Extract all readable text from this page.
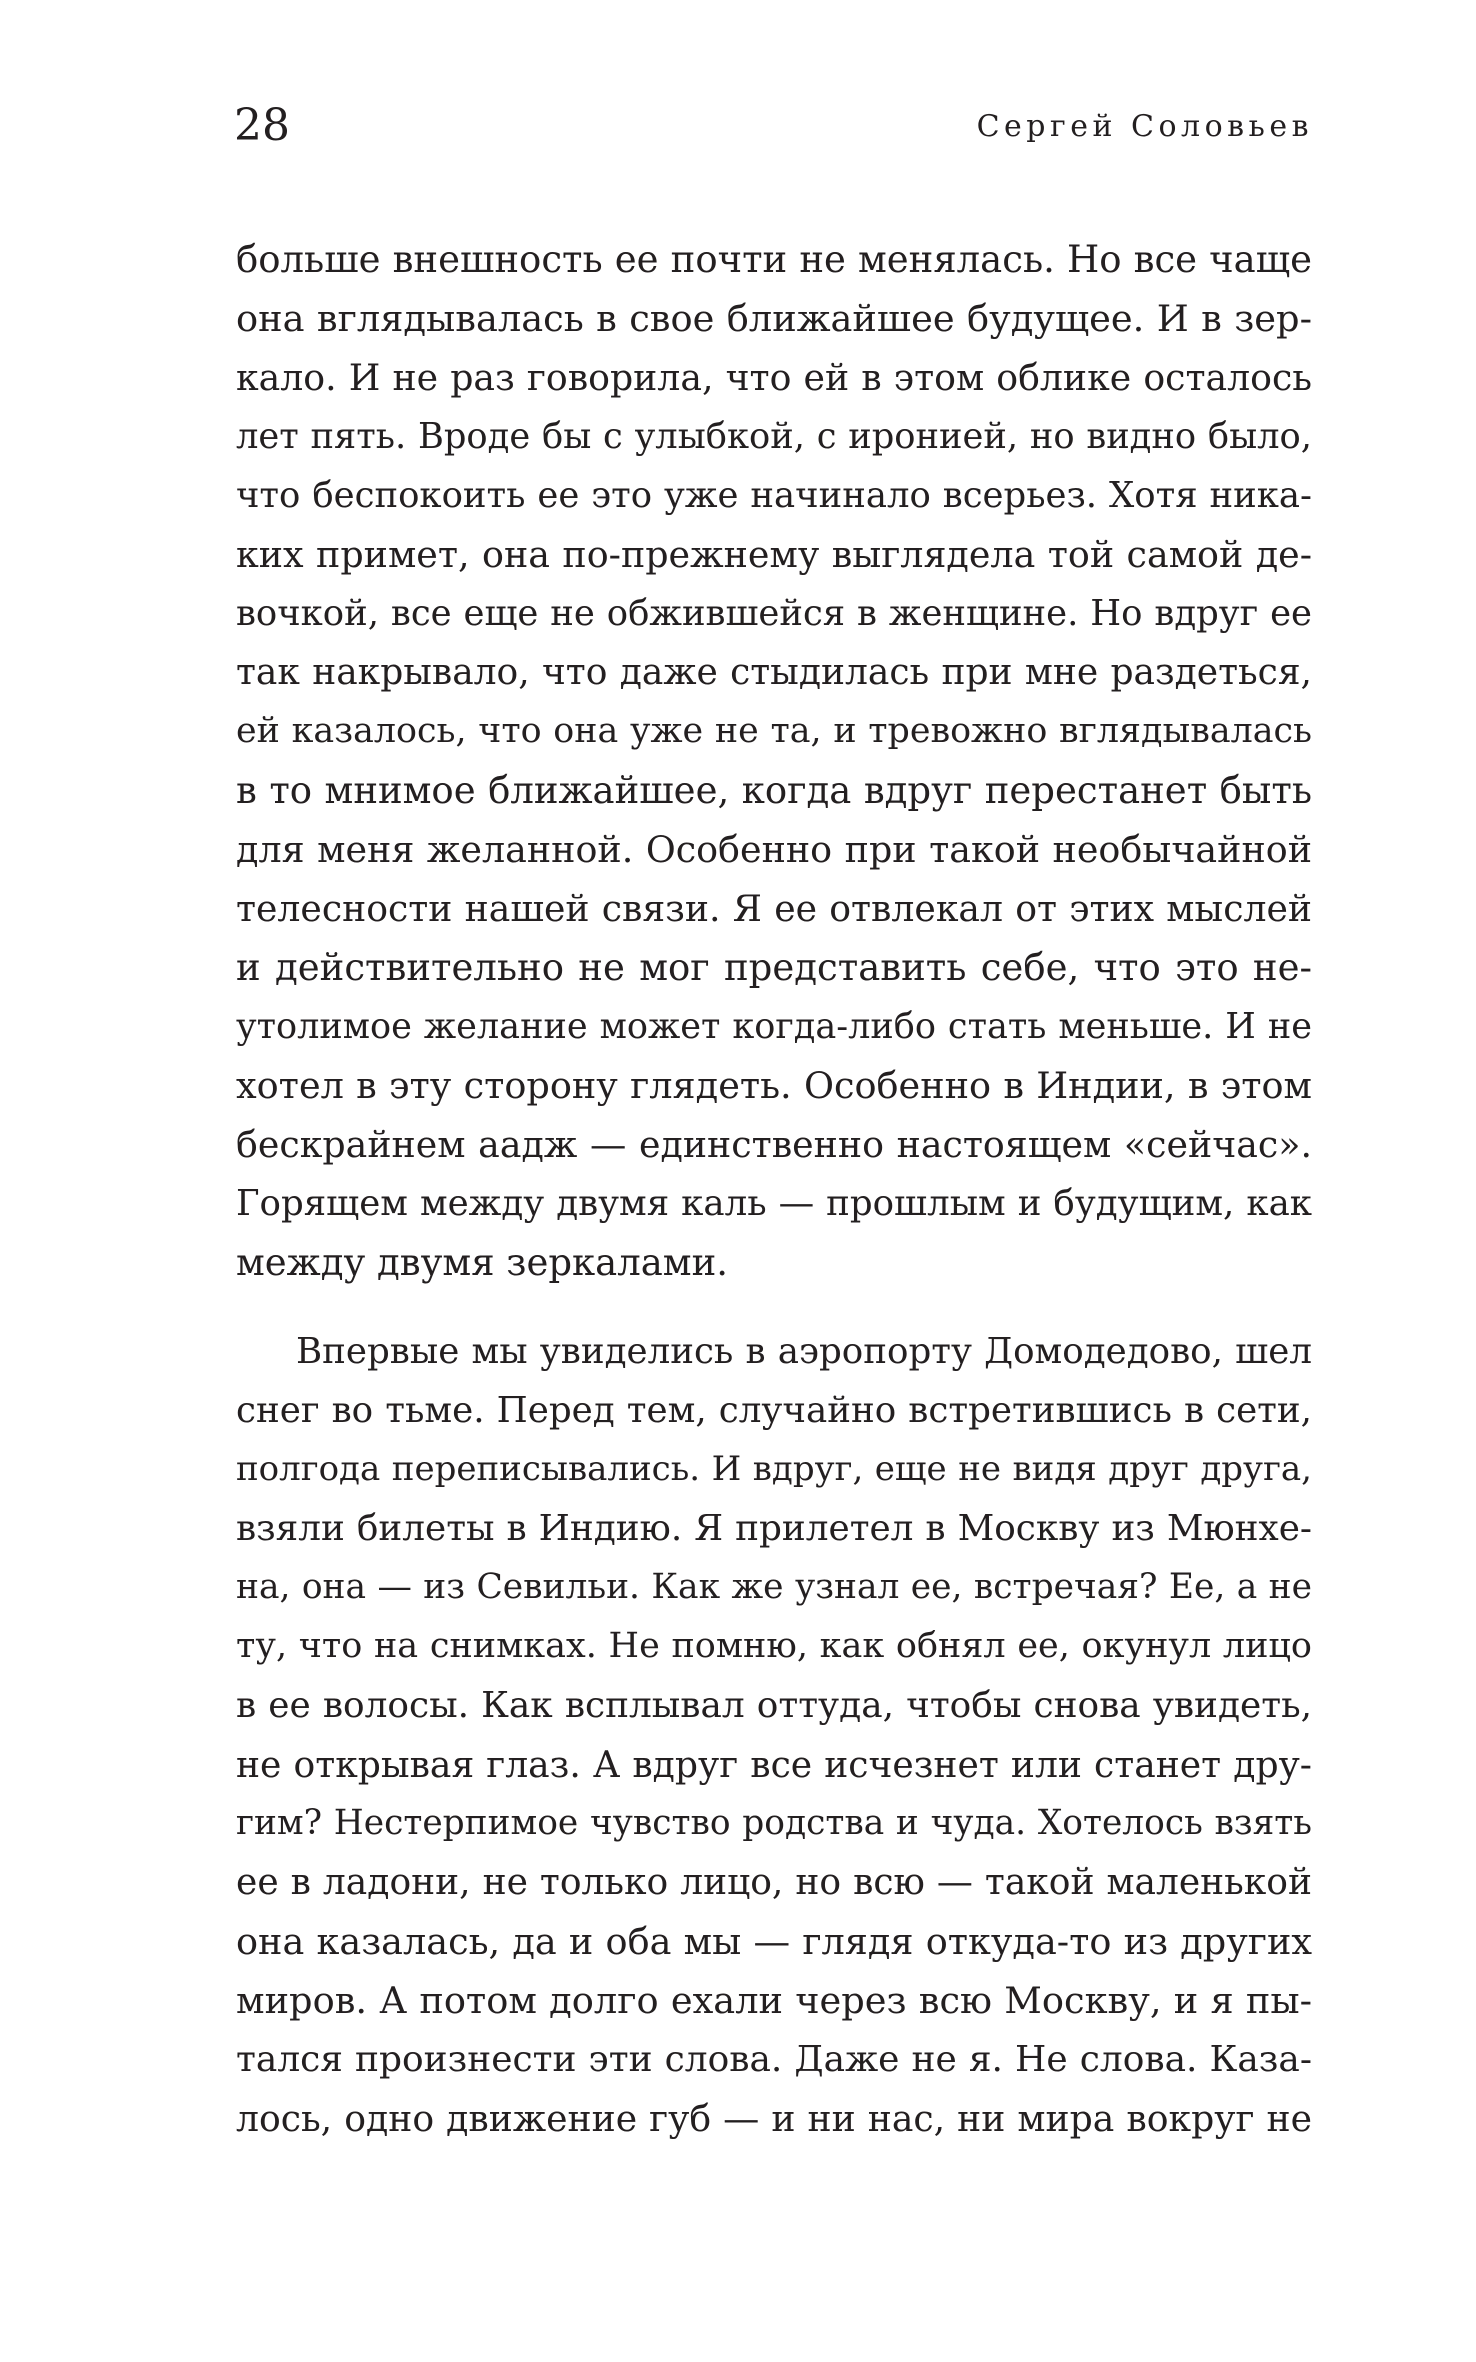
28	Сергей Соловьев
больше внешность ее почти не менялась. Но все чаще
она вглядывалась в свое ближайшее будущее. И в зер-
кало. И не раз говорила, что ей в этом облике осталось
лет пять. Вроде бы с улыбкой, с иронией, но видно было,
что беспокоить ее это уже начинало всерьез. Хотя никa-
ких примет, она по-прежнему выглядела той самой де-
вочкой, все еще не обжившейся в женщине. Но вдруг ее
так накрывало, что даже стыдилась при мне раздеться,
ей казалось, что она уже не та, и тревожно вглядывалась
в то мнимое ближайшее, когда вдруг перестанет быть
для меня желанной. Особенно при такой необычайной
телесности нашей связи. Я ее отвлекал от этих мыслей
и действительно не мог представить себе, что это не-
утолимое желание может когда-либо стать меньше. И не
хотел в эту сторону глядеть. Особенно в Индии, в этом
бескрайнем аадж — единственно настоящем «сейчас».
Горящем между двумя каль — прошлым и будущим, как
между двумя зеркалами.
Впервые мы увиделись в аэропорту Домодедово, шел
снег во тьме. Перед тем, случайно встретившись в сети,
полгода переписывались. И вдруг, еще не видя друг друга,
взяли билеты в Индию. Я прилетел в Москву из Мюнхе-
на, она — из Севильи. Как же узнал ее, встречая? Ее, а не
ту, что на снимках. Не помню, как обнял ее, окунул лицо
в ее волосы. Как всплывал оттуда, чтобы снова увидеть,
не открывая глаз. А вдруг все исчезнет или станет дру-
гим? Нестерпимое чувство родства и чуда. Хотелось взять
ее в ладони, не только лицо, но всю — такой маленькой
она казалась, да и оба мы — глядя откуда-то из других
миров. А потом долго ехали через всю Москву, и я пы-
тался произнести эти слова. Даже не я. Не слова. Каза-
лось, одно движение губ — и ни нас, ни мира вокруг не
